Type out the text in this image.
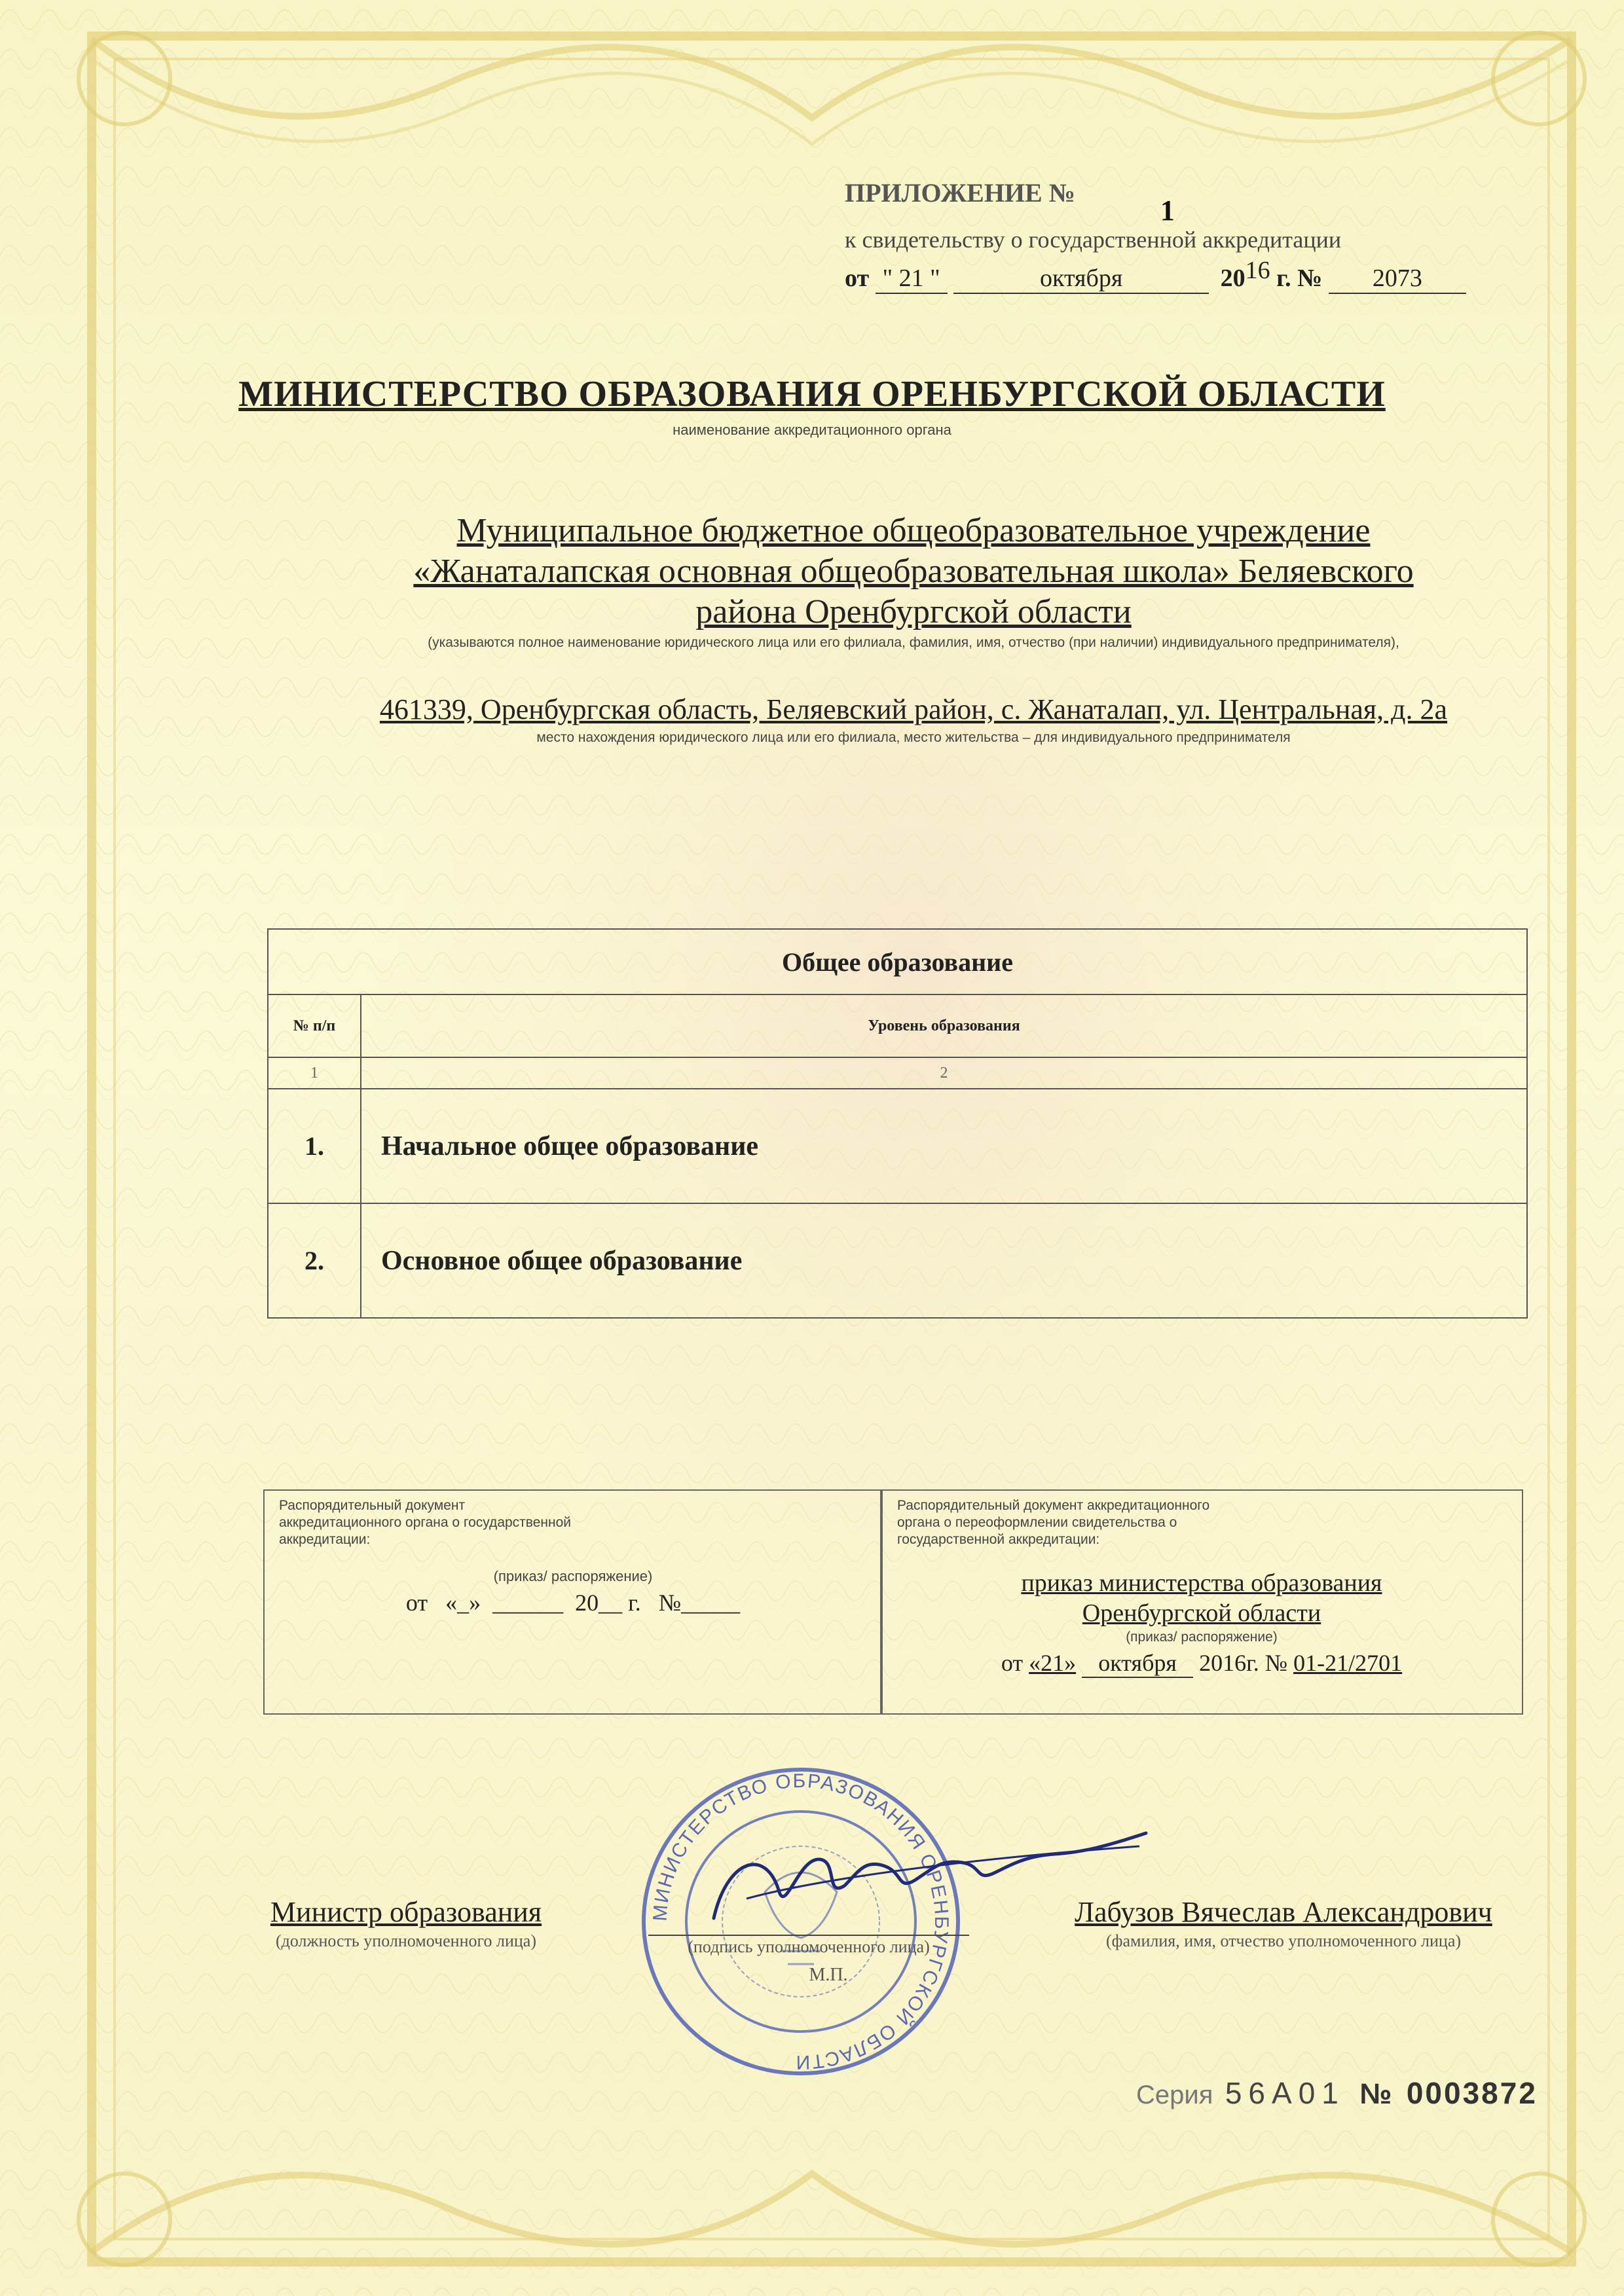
ПРИЛОЖЕНИЕ № 1
к свидетельству о государственной аккредитации
от " 21 "	октября	2016 г. № 2073
МИНИСТЕРСТВО ОБРАЗОВАНИЯ ОРЕНБУРГСКОЙ ОБЛАСТИ
наименование аккредитационного органа
Муниципальное бюджетное общеобразовательное учреждение
«Жанаталапская основная общеобразовательная школа» Беляевского
района Оренбургской области
(указываются полное наименование юридического лица или его филиала, фамилия, имя, отчество (при наличии) индивидуального предпринимателя),
461339, Оренбургская область, Беляевский район, с. Жанаталап, ул. Центральная, д. 2а
место нахождения юридического лица или его филиала, место жительства – для индивидуального предпринимателя
Общее образование	
№ п/п	Уровень образования
1	2
1.	Начальное общее образование
2.	Основное общее образование
Распорядительный документ
аккредитационного органа о государственной
аккредитации:
(приказ/ распоряжение)
от   «_»  ______  20__ г.   №_____
Распорядительный документ аккредитационного
органа о переоформлении свидетельства о
государственной аккредитации:
приказ министерства образования
Оренбургской области
(приказ/ распоряжение)
от «21» октября 2016г. № 01-21/2701
МИНИСТЕРСТВО ОБРАЗОВАНИЯ ОРЕНБУРГСКОЙ ОБЛАСТИ
Министр образования
(должность уполномоченного лица)	(подпись уполномоченного лица)
М.П.
Лабузов Вячеслав Александрович
(фамилия, имя, отчество уполномоченного лица)
Серия 56А01 № 0003872
